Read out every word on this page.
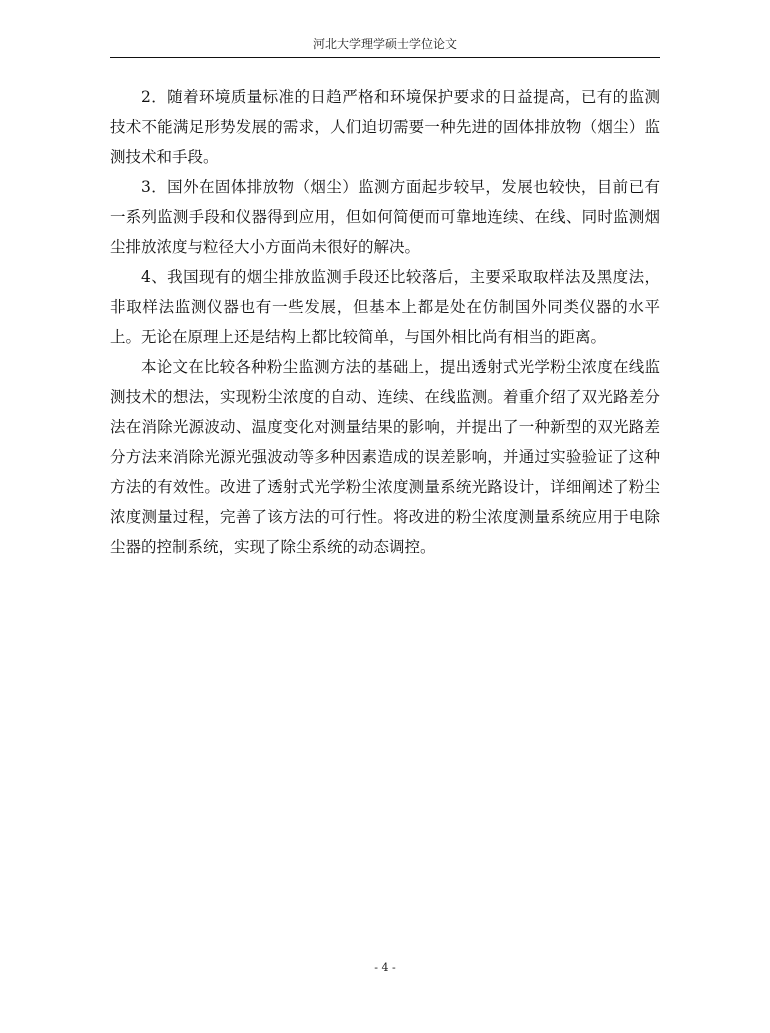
河北大学理学硕士学位论文

2．随着环境质量标准的日趋严格和环境保护要求的日益提高，已有的监测技术不能满足形势发展的需求，人们迫切需要一种先进的固体排放物（烟尘）监测技术和手段。

3．国外在固体排放物（烟尘）监测方面起步较早，发展也较快，目前已有一系列监测手段和仪器得到应用，但如何简便而可靠地连续、在线、同时监测烟尘排放浓度与粒径大小方面尚未很好的解决。

4、我国现有的烟尘排放监测手段还比较落后，主要采取取样法及黑度法，非取样法监测仪器也有一些发展，但基本上都是处在仿制国外同类仪器的水平上。无论在原理上还是结构上都比较简单，与国外相比尚有相当的距离。

本论文在比较各种粉尘监测方法的基础上，提出透射式光学粉尘浓度在线监测技术的想法，实现粉尘浓度的自动、连续、在线监测。着重介绍了双光路差分法在消除光源波动、温度变化对测量结果的影响，并提出了一种新型的双光路差分方法来消除光源光强波动等多种因素造成的误差影响，并通过实验验证了这种方法的有效性。改进了透射式光学粉尘浓度测量系统光路设计，详细阐述了粉尘浓度测量过程，完善了该方法的可行性。将改进的粉尘浓度测量系统应用于电除尘器的控制系统，实现了除尘系统的动态调控。

- 4 -
